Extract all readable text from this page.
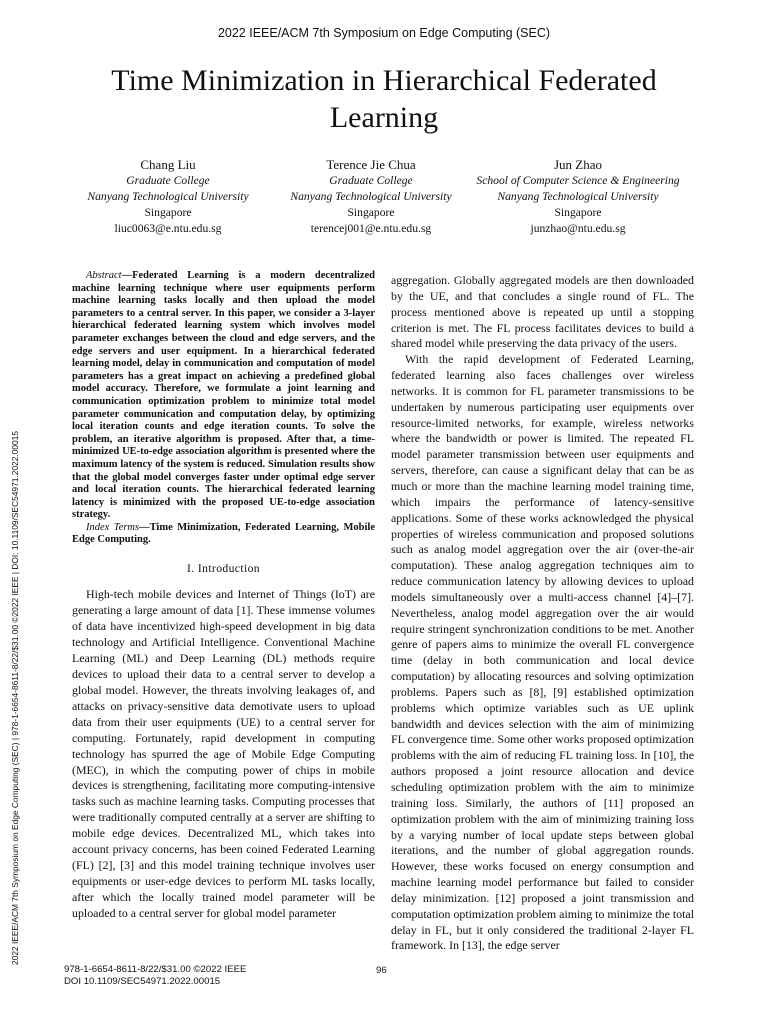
2022 IEEE/ACM 7th Symposium on Edge Computing (SEC)
Time Minimization in Hierarchical Federated Learning
Chang Liu
Graduate College
Nanyang Technological University
Singapore
liuc0063@e.ntu.edu.sg
Terence Jie Chua
Graduate College
Nanyang Technological University
Singapore
terencej001@e.ntu.edu.sg
Jun Zhao
School of Computer Science & Engineering
Nanyang Technological University
Singapore
junzhao@ntu.edu.sg
2022 IEEE/ACM 7th Symposium on Edge Computing (SEC) | 978-1-6654-8611-8/22/$31.00 ©2022 IEEE | DOI: 10.1109/SEC54971.2022.00015

Abstract—Federated Learning is a modern decentralized machine learning technique where user equipments perform machine learning tasks locally and then upload the model parameters to a central server. In this paper, we consider a 3-layer hierarchical federated learning system which involves model parameter exchanges between the cloud and edge servers, and the edge servers and user equipment. In a hierarchical federated learning model, delay in communication and computation of model parameters has a great impact on achieving a predefined global model accuracy. Therefore, we formulate a joint learning and communication optimization problem to minimize total model parameter communication and computation delay, by optimizing local iteration counts and edge iteration counts. To solve the problem, an iterative algorithm is proposed. After that, a time-minimized UE-to-edge association algorithm is presented where the maximum latency of the system is reduced. Simulation results show that the global model converges faster under optimal edge server and local iteration counts. The hierarchical federated learning latency is minimized with the proposed UE-to-edge association strategy.

Index Terms—Time Minimization, Federated Learning, Mobile Edge Computing.

I. Introduction

High-tech mobile devices and Internet of Things (IoT) are generating a large amount of data [1]. These immense volumes of data have incentivized high-speed development in big data technology and Artificial Intelligence. Conventional Machine Learning (ML) and Deep Learning (DL) methods require devices to upload their data to a central server to develop a global model. However, the threats involving leakages of, and attacks on privacy-sensitive data demotivate users to upload data from their user equipments (UE) to a central server for computing. Fortunately, rapid development in computing technology has spurred the age of Mobile Edge Computing (MEC), in which the computing power of chips in mobile devices is strengthening, facilitating more computing-intensive tasks such as machine learning tasks. Computing processes that were traditionally computed centrally at a server are shifting to mobile edge devices. Decentralized ML, which takes into account privacy concerns, has been coined Federated Learning (FL) [2], [3] and this model training technique involves user equipments or user-edge devices to perform ML tasks locally, after which the locally trained model parameter will be uploaded to a central server for global model parameter

aggregation. Globally aggregated models are then downloaded by the UE, and that concludes a single round of FL. The process mentioned above is repeated up until a stopping criterion is met. The FL process facilitates devices to build a shared model while preserving the data privacy of the users.

With the rapid development of Federated Learning, federated learning also faces challenges over wireless networks. It is common for FL parameter transmissions to be undertaken by numerous participating user equipments over resource-limited networks, for example, wireless networks where the bandwidth or power is limited. The repeated FL model parameter transmission between user equipments and servers, therefore, can cause a significant delay that can be as much or more than the machine learning model training time, which impairs the performance of latency-sensitive applications. Some of these works acknowledged the physical properties of wireless communication and proposed solutions such as analog model aggregation over the air (over-the-air computation). These analog aggregation techniques aim to reduce communication latency by allowing devices to upload models simultaneously over a multi-access channel [4]–[7]. Nevertheless, analog model aggregation over the air would require stringent synchronization conditions to be met. Another genre of papers aims to minimize the overall FL convergence time (delay in both communication and local device computation) by allocating resources and solving optimization problems. Papers such as [8], [9] established optimization problems which optimize variables such as UE uplink bandwidth and devices selection with the aim of minimizing FL convergence time. Some other works proposed optimization problems with the aim of reducing FL training loss. In [10], the authors proposed a joint resource allocation and device scheduling optimization problem with the aim to minimize training loss. Similarly, the authors of [11] proposed an optimization problem with the aim of minimizing training loss by a varying number of local update steps between global iterations, and the number of global aggregation rounds. However, these works focused on energy consumption and machine learning model performance but failed to consider delay minimization. [12] proposed a joint transmission and computation optimization problem aiming to minimize the total delay in FL, but it only considered the traditional 2-layer FL framework. In [13], the edge server

978-1-6654-8611-8/22/$31.00 ©2022 IEEE
DOI 10.1109/SEC54971.2022.00015
96
